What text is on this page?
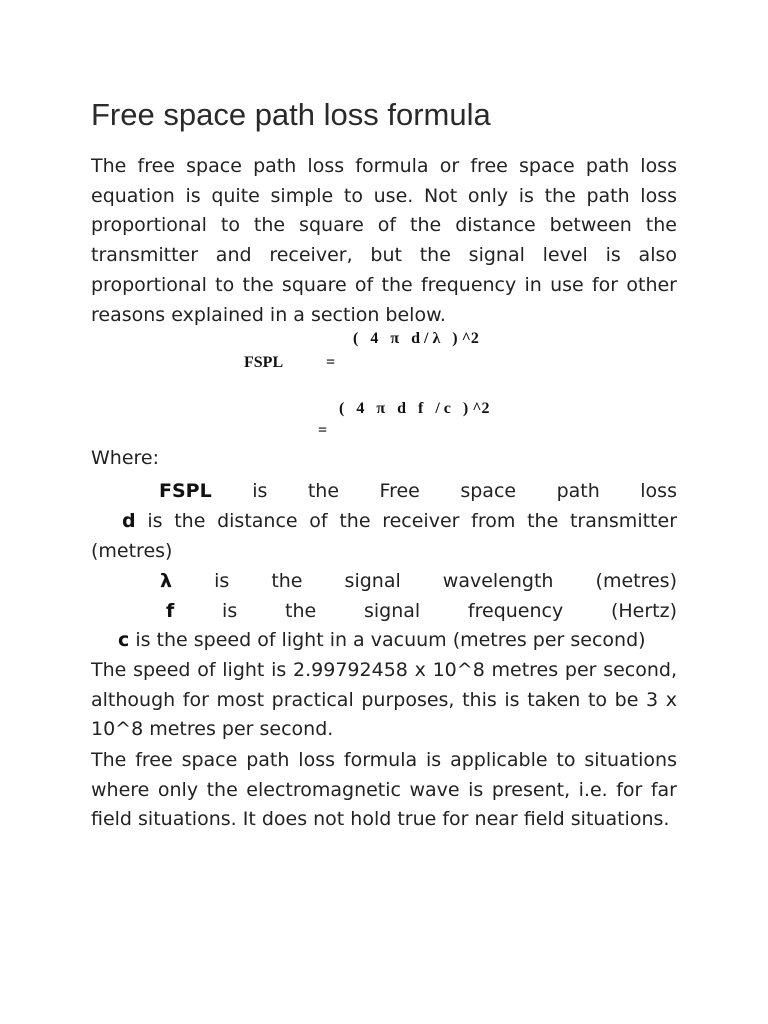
Free space path loss formula

The free space path loss formula or free space path loss equation is quite simple to use. Not only is the path loss proportional to the square of the distance between the transmitter and receiver, but the signal level is also proportional to the square of the frequency in use for other reasons explained in a section below.

(   4   π   d / λ   ) ^2
FSPL	=
(   4   π   d   f   / c   ) ^2
=

Where:

FSPL is the Free space path loss

d is the distance of the receiver from the transmitter (metres)

λ is the signal wavelength (metres)
f	is	the	signal	frequency	(Hertz)
c is the speed of light in a vacuum (metres per second)

The speed of light is 2.99792458 x 10^8 metres per second, although for most practical purposes, this is taken to be 3 x 10^8 metres per second.

The free space path loss formula is applicable to situations where only the electromagnetic wave is present, i.e. for far field situations. It does not hold true for near field situations.
